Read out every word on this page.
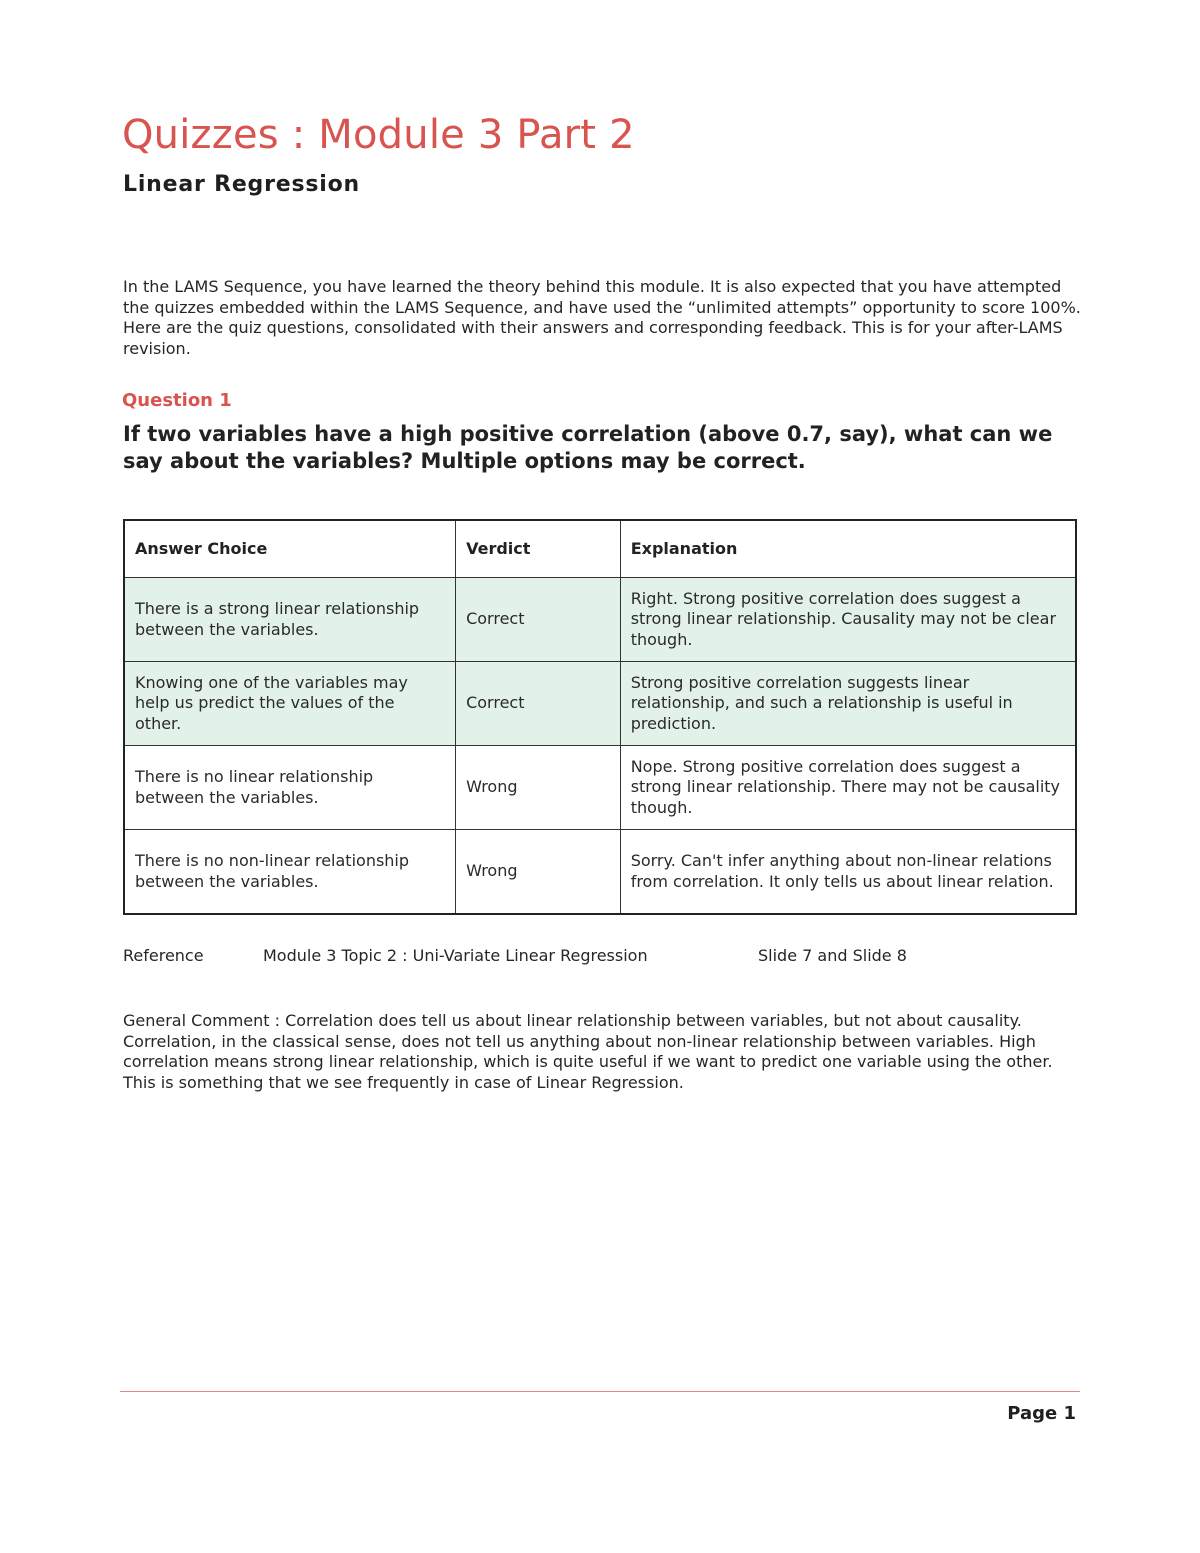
Quizzes : Module 3 Part 2
Linear Regression

In the LAMS Sequence, you have learned the theory behind this module. It is also expected that you have attempted the quizzes embedded within the LAMS Sequence, and have used the “unlimited attempts” opportunity to score 100%. Here are the quiz questions, consolidated with their answers and corresponding feedback. This is for your after-LAMS revision.

Question 1

If two variables have a high positive correlation (above 0.7, say), what can we say about the variables? Multiple options may be correct.

Answer Choice	Verdict	Explanation
There is a strong linear relationship between the variables.	Correct	Right. Strong positive correlation does suggest a strong linear relationship. Causality may not be clear though.
Knowing one of the variables may help us predict the values of the other.	Correct	Strong positive correlation suggests linear relationship, and such a relationship is useful in prediction.
There is no linear relationship between the variables.	Wrong	Nope. Strong positive correlation does suggest a strong linear relationship. There may not be causality though.
There is no non-linear relationship between the variables.	Wrong	Sorry. Can't infer anything about non-linear relations from correlation. It only tells us about linear relation.
Reference	Module 3 Topic 2 : Uni-Variate Linear Regression	Slide 7 and Slide 8

General Comment : Correlation does tell us about linear relationship between variables, but not about causality. Correlation, in the classical sense, does not tell us anything about non-linear relationship between variables. High correlation means strong linear relationship, which is quite useful if we want to predict one variable using the other. This is something that we see frequently in case of Linear Regression.

Page 1
